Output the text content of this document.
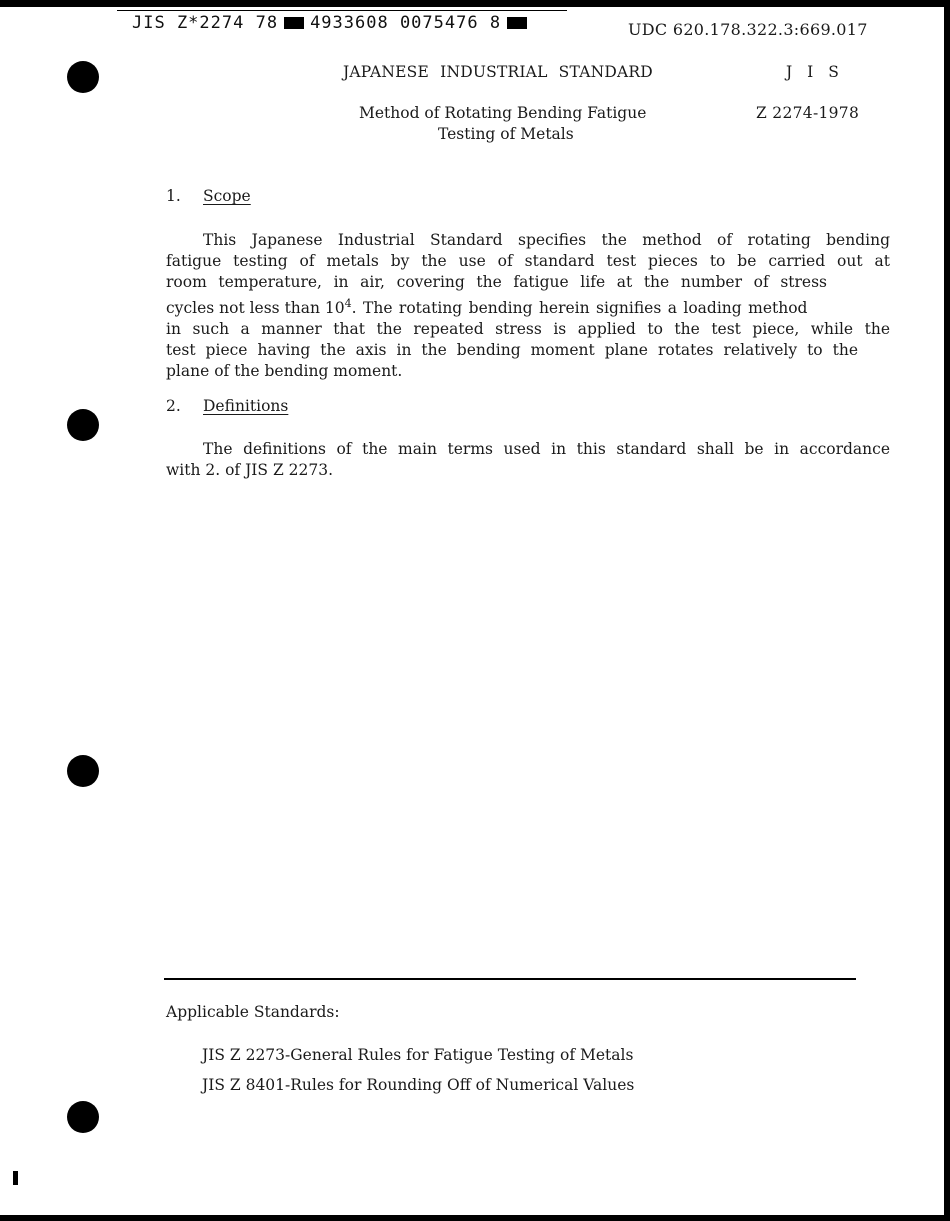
JIS Z*2274 78 4933608 0075476 8	UDC 620.178.322.3:669.017
JAPANESE INDUSTRIAL STANDARD	J I S
Method of Rotating Bending Fatigue
Testing of Metals
Z 2274-1978
1. Scope
This Japanese Industrial Standard specifies the method of rotating bending
fatigue testing of metals by the use of standard test pieces to be carried out at
room temperature, in air, covering the fatigue life at the number of stress
cycles not less than $10^4$. The rotating bending herein signifies a loading method
in such a manner that the repeated stress is applied to the test piece, while the
test piece having the axis in the bending moment plane rotates relatively to the
plane of the bending moment.
2. Definitions
The definitions of the main terms used in this standard shall be in accordance
with 2. of JIS Z 2273.
Applicable Standards:
JIS Z 2273-General Rules for Fatigue Testing of Metals
JIS Z 8401-Rules for Rounding Off of Numerical Values
